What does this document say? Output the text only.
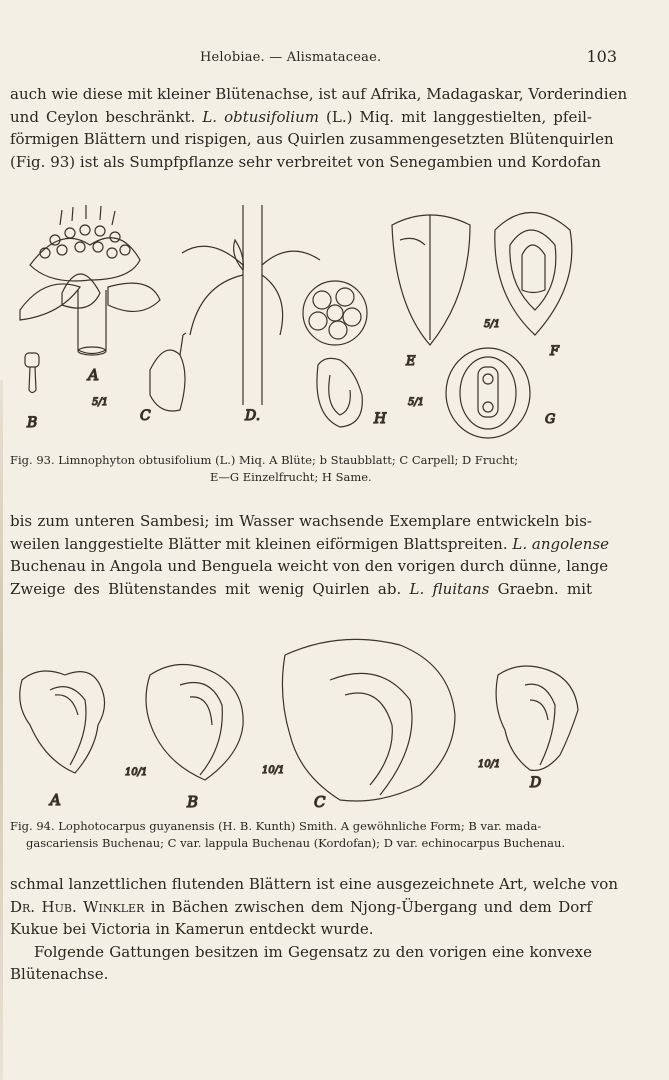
Helobiae. — Alismataceae.	103
auch wie diese mit kleiner Blütenachse, ist auf Afrika, Madagaskar, Vorderindien
und Ceylon beschränkt. L. obtusifolium (L.) Miq. mit langgestielten, pfeil-
förmigen Blättern und rispigen, aus Quirlen zusammengesetzten Blütenquirlen
(Fig. 93) ist als Sumpfpflanze sehr verbreitet von Senegambien und Kordofan
A
B
5/1
C	D.	H
E
5/1
F
G
5/1
Fig. 93. Limnophyton obtusifolium (L.) Miq. A Blüte; b Staubblatt; C Carpell; D Frucht;
E—G Einzelfrucht; H Same.
bis zum unteren Sambesi; im Wasser wachsende Exemplare entwickeln bis-
weilen langgestielte Blätter mit kleinen eiförmigen Blattspreiten. L. angolense
Buchenau in Angola und Benguela weicht von den vorigen durch dünne, lange
Zweige des Blütenstandes mit wenig Quirlen ab. L. fluitans Graebn. mit
A
10/1
B
10/1
C
10/1
D
Fig. 94. Lophotocarpus guyanensis (H. B. Kunth) Smith. A gewöhnliche Form; B var. mada-
gascariensis Buchenau; C var. lappula Buchenau (Kordofan); D var. echinocarpus Buchenau.
schmal lanzettlichen flutenden Blättern ist eine ausgezeichnete Art, welche von
Dr. Hub. Winkler in Bächen zwischen dem Njong-Übergang und dem Dorf
Kukue bei Victoria in Kamerun entdeckt wurde.
Folgende Gattungen besitzen im Gegensatz zu den vorigen eine konvexe
Blütenachse.
